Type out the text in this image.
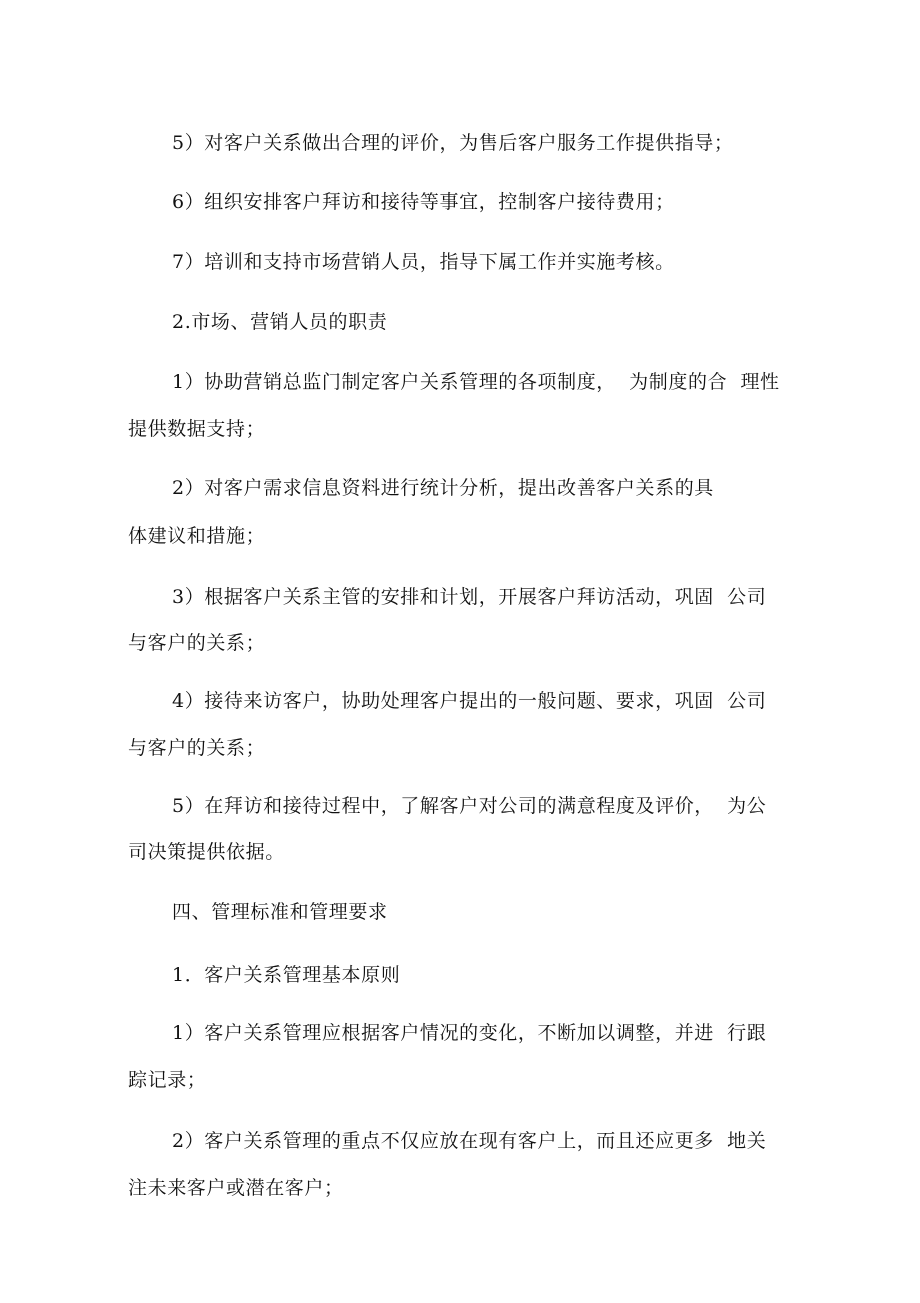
5）对客户关系做出合理的评价，为售后客户服务工作提供指导；

6）组织安排客户拜访和接待等事宜，控制客户接待费用；

7）培训和支持市场营销人员，指导下属工作并实施考核。

2.市场、营销人员的职责

1）协助营销总监门制定客户关系管理的各项制度，  为制度的合  理性

提供数据支持；

2）对客户需求信息资料进行统计分析，提出改善客户关系的具

体建议和措施；

3）根据客户关系主管的安排和计划，开展客户拜访活动，巩固  公司

与客户的关系；

4）接待来访客户，协助处理客户提出的一般问题、要求，巩固  公司

与客户的关系；

5）在拜访和接待过程中，了解客户对公司的满意程度及评价，  为公

司决策提供依据。

四、管理标准和管理要求

1．客户关系管理基本原则

1）客户关系管理应根据客户情况的变化，不断加以调整，并进  行跟

踪记录；

2）客户关系管理的重点不仅应放在现有客户上，而且还应更多  地关

注未来客户或潜在客户；
